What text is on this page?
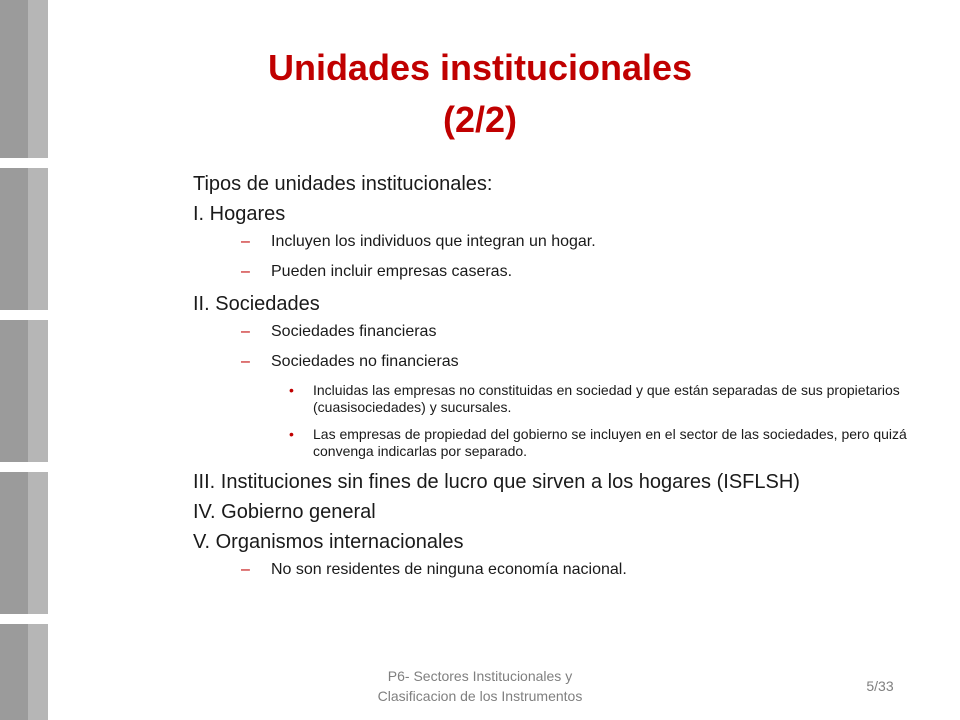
Unidades institucionales
(2/2)
Tipos de unidades institucionales:
I. Hogares
– Incluyen los individuos que integran un hogar.
– Pueden incluir empresas caseras.
II. Sociedades
– Sociedades financieras
– Sociedades no financieras
• Incluidas las empresas no constituidas en sociedad y que están separadas de sus propietarios (cuasisociedades) y sucursales.
• Las empresas de propiedad del gobierno se incluyen en el sector de las sociedades, pero quizá convenga indicarlas por separado.
III. Instituciones sin fines de lucro que sirven a los hogares (ISFLSH)
IV. Gobierno general
V. Organismos internacionales
– No son residentes de ninguna economía nacional.
P6- Sectores Institucionales y
Clasificacion de los Instrumentos
5/33
